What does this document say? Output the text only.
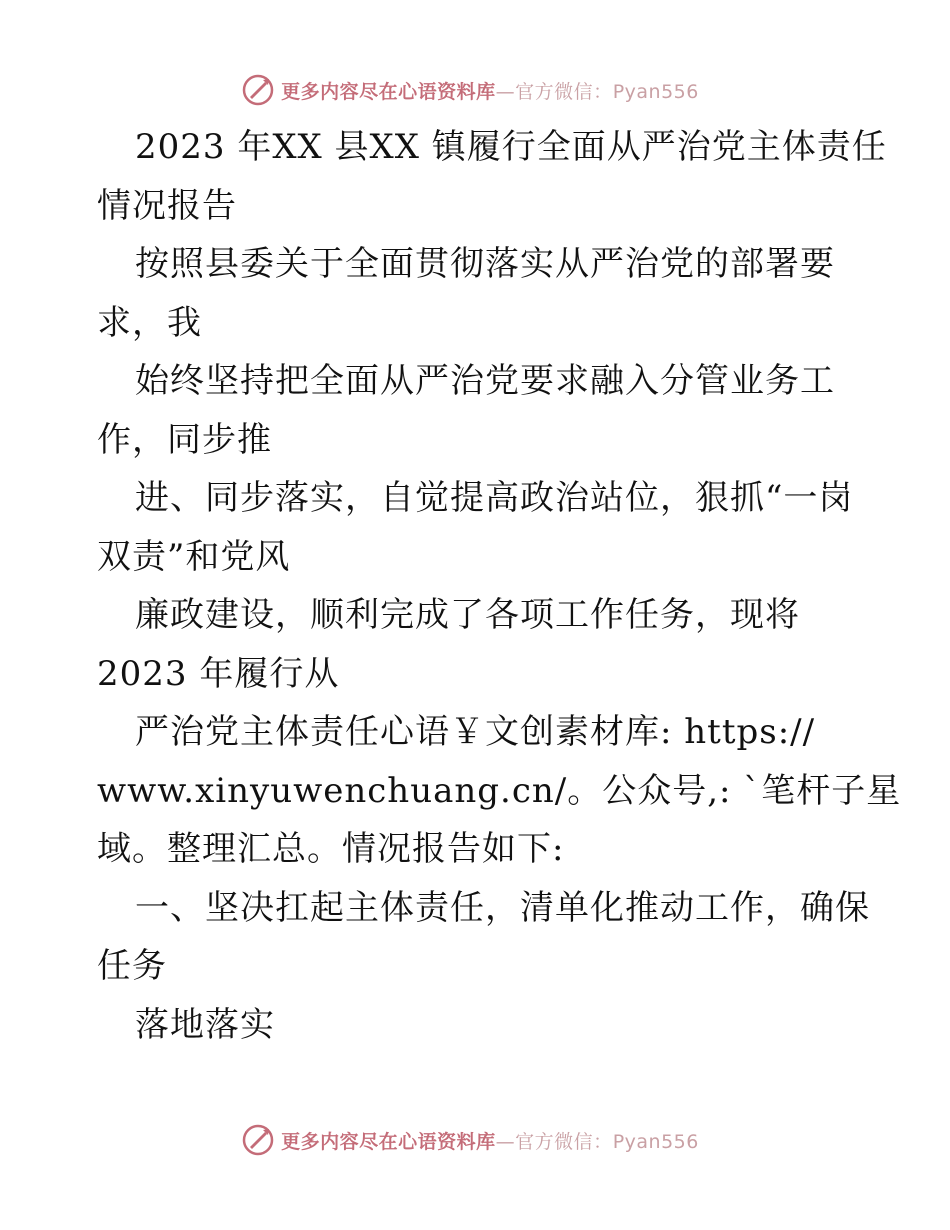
更多内容尽在心语资料库—官方微信：Pyan556
2023 年XX 县XX 镇履行全面从严治党主体责任
情况报告
按照县委关于全面贯彻落实从严治党的部署要
求，我
始终坚持把全面从严治党要求融入分管业务工
作，同步推
进、同步落实，自觉提高政治站位，狠抓“一岗
双责”和党风
廉政建设，顺利完成了各项工作任务，现将
2023 年履行从
严治党主体责任心语￥文创素材库: https://
www.xinyuwenchuang.cn/。公众号,: `笔杆子星
域。整理汇总。情况报告如下:
一、坚决扛起主体责任，清单化推动工作，确保
任务
落地落实
更多内容尽在心语资料库—官方微信：Pyan556
